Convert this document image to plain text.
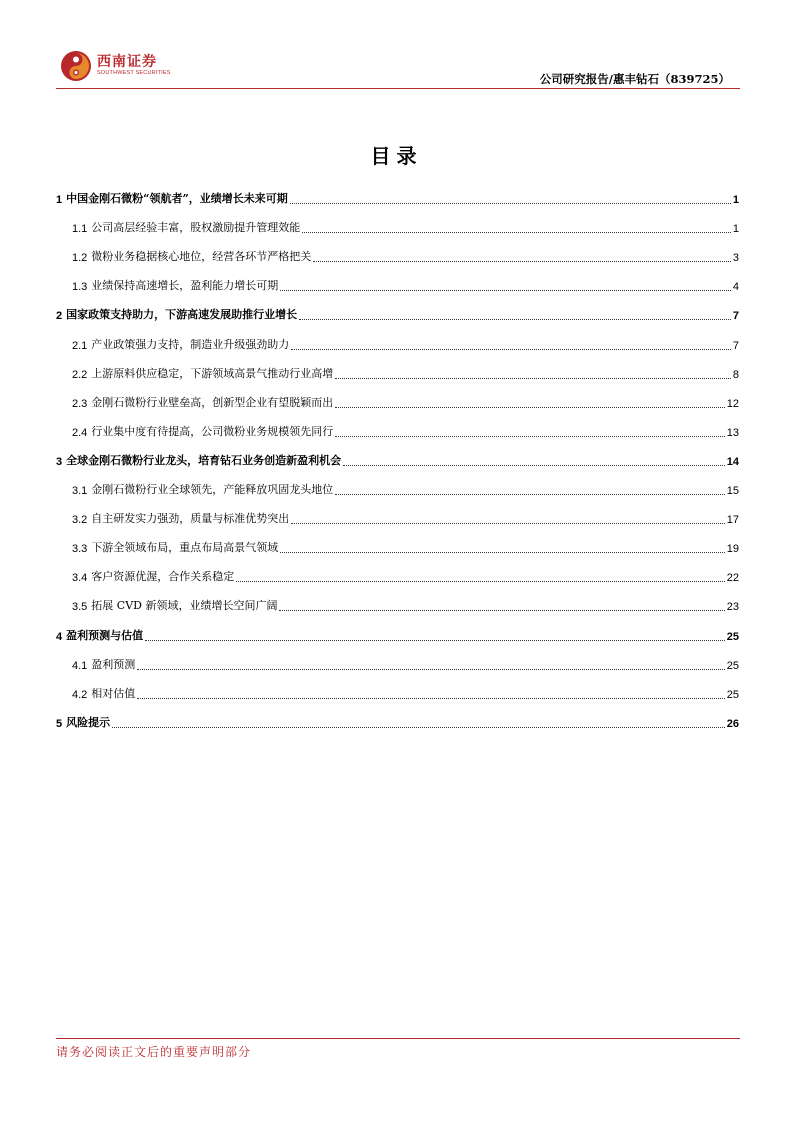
西南证券
SOUTHWEST SECURITIES	公司研究报告/惠丰钻石（839725）
目录
1 中国金刚石微粉“领航者”，业绩增长未来可期	1
1.1 公司高层经验丰富，股权激励提升管理效能	1
1.2 微粉业务稳据核心地位，经营各环节严格把关	3
1.3 业绩保持高速增长，盈利能力增长可期	4
2 国家政策支持助力，下游高速发展助推行业增长	7
2.1 产业政策强力支持，制造业升级强劲助力	7
2.2 上游原料供应稳定，下游领域高景气推动行业高增	8
2.3 金刚石微粉行业壁垒高，创新型企业有望脱颖而出	12
2.4 行业集中度有待提高，公司微粉业务规模领先同行	13
3 全球金刚石微粉行业龙头，培育钻石业务创造新盈利机会	14
3.1 金刚石微粉行业全球领先，产能释放巩固龙头地位	15
3.2 自主研发实力强劲，质量与标准优势突出	17
3.3 下游全领域布局，重点布局高景气领域	19
3.4 客户资源优渥，合作关系稳定	22
3.5 拓展 CVD 新领域，业绩增长空间广阔	23
4 盈利预测与估值	25
4.1 盈利预测	25
4.2 相对估值	25
5 风险提示	26
请务必阅读正文后的重要声明部分
